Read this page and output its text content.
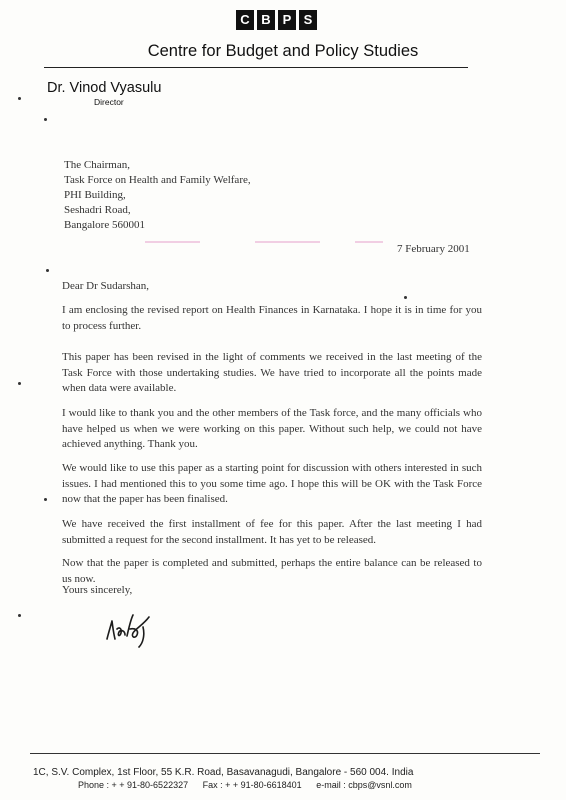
C B P S
Centre for Budget and Policy Studies
Dr. Vinod Vyasulu
Director
The Chairman,
Task Force on Health and Family Welfare,
PHI Building,
Seshadri Road,
Bangalore 560001
7 February 2001
Dear Dr Sudarshan,

I am enclosing the revised report on Health Finances in Karnataka. I hope it is in time for you to process further.

This paper has been revised in the light of comments we received in the last meeting of the Task Force with those undertaking studies. We have tried to incorporate all the points made when data were available.

I would like to thank you and the other members of the Task force, and the many officials who have helped us when we were working on this paper. Without such help, we could not have achieved anything. Thank you.

We would like to use this paper as a starting point for discussion with others interested in such issues. I had mentioned this to you some time ago. I hope this will be OK with the Task Force now that the paper has been finalised.

We have received the first installment of fee for this paper. After the last meeting I had submitted a request for the second installment. It has yet to be released.

Now that the paper is completed and submitted, perhaps the entire balance can be released to us now.

Yours sincerely,
1C, S.V. Complex, 1st Floor, 55 K.R. Road, Basavanagudi, Bangalore - 560 004. India
Phone : + + 91-80-6522327 Fax : + + 91-80-6618401 e-mail : cbps@vsnl.com
